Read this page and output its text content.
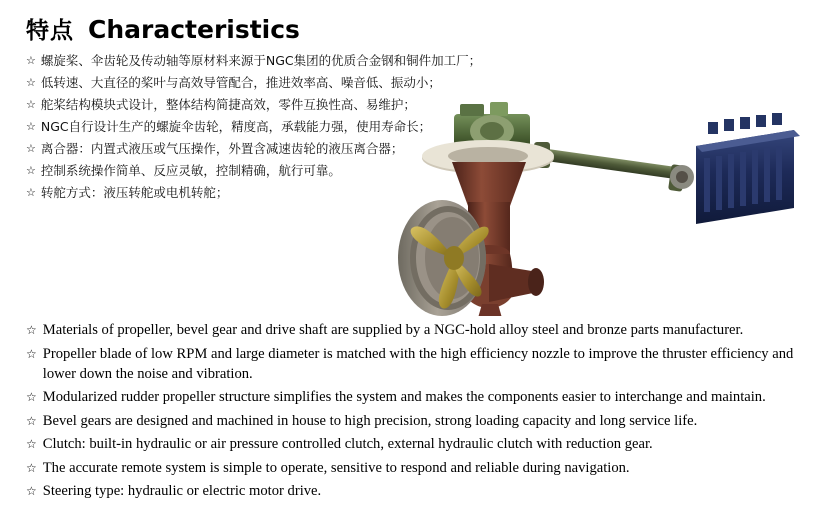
特点 Characteristics
☆ 螺旋桨、伞齿轮及传动轴等原材料来源于NGC集团的优质合金钢和铜件加工厂；
☆ 低转速、大直径的桨叶与高效导管配合，推进效率高、噪音低、振动小；
☆ 舵桨结构模块式设计，整体结构简捷高效，零件互换性高、易维护；
☆ NGC自行设计生产的螺旋伞齿轮，精度高，承载能力强，使用寿命长；
☆ 离合器：内置式液压或气压操作，外置含减速齿轮的液压离合器；
☆ 控制系统操作简单、反应灵敏，控制精确，航行可靠。
☆ 转舵方式：液压转舵或电机转舵；
☆ Materials of propeller, bevel gear and drive shaft are supplied by a NGC-hold alloy steel and bronze parts manufacturer.
☆ Propeller blade of low RPM and large diameter is matched with the high efficiency nozzle to improve the thruster efficiency and lower down the noise and vibration.
☆ Modularized rudder propeller structure simplifies the system and makes the components easier to interchange and maintain.
☆ Bevel gears are designed and machined in house to high precision, strong loading capacity and long service life.
☆ Clutch: built-in hydraulic or air pressure controlled clutch, external hydraulic clutch with reduction gear.
☆ The accurate remote system is simple to operate, sensitive to respond and reliable during navigation.
☆ Steering type: hydraulic or electric motor drive.
